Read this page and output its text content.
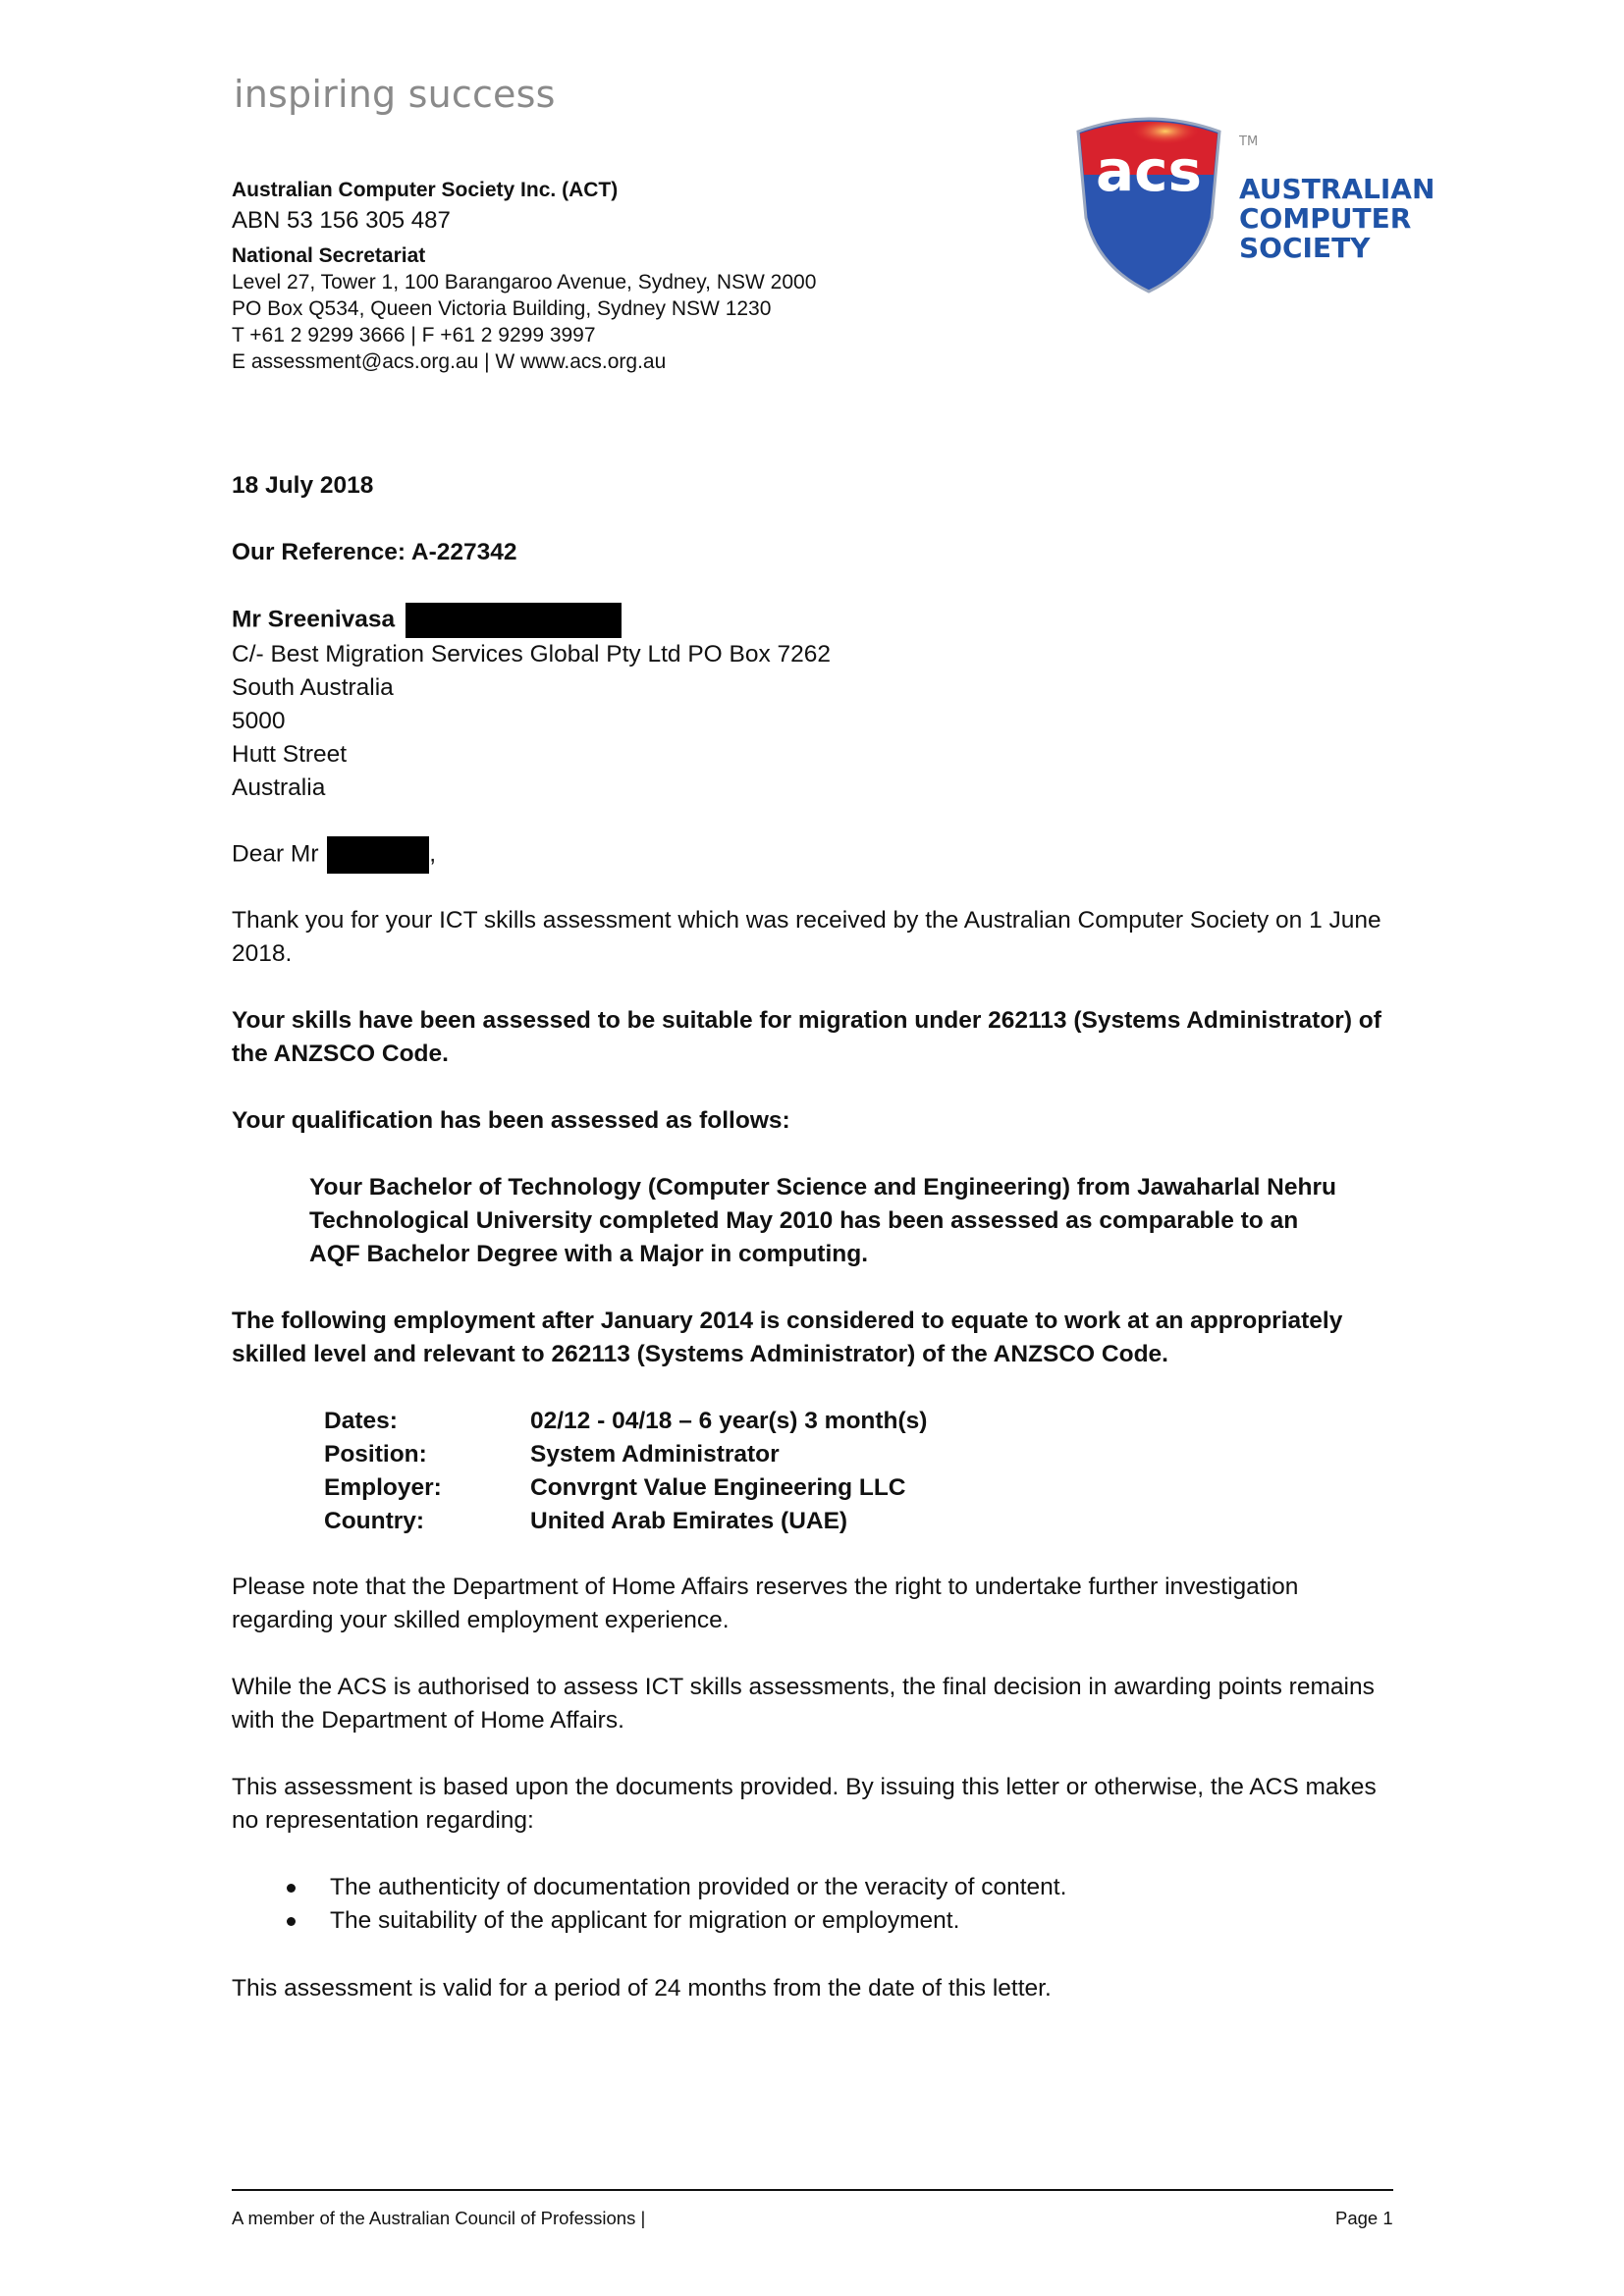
inspiring success
Australian Computer Society Inc. (ACT)
ABN 53 156 305 487
National Secretariat
Level 27, Tower 1, 100 Barangaroo Avenue, Sydney, NSW 2000
PO Box Q534, Queen Victoria Building, Sydney NSW 1230
T +61 2 9299 3666 | F +61 2 9299 3997
E assessment@acs.org.au | W www.acs.org.au
acs	TM
AUSTRALIAN
COMPUTER
SOCIETY
18 July 2018
Our Reference: A-227342
Mr Sreenivasa
C/- Best Migration Services Global Pty Ltd PO Box 7262
South Australia
5000
Hutt Street
Australia
Dear Mr	,
Thank you for your ICT skills assessment which was received by the Australian Computer Society on 1 June 2018.
Your skills have been assessed to be suitable for migration under 262113 (Systems Administrator) of the ANZSCO Code.
Your qualification has been assessed as follows:
Your Bachelor of Technology (Computer Science and Engineering) from Jawaharlal Nehru Technological University completed May 2010 has been assessed as comparable to an AQF Bachelor Degree with a Major in computing.
The following employment after January 2014 is considered to equate to work at an appropriately skilled level and relevant to 262113 (Systems Administrator) of the ANZSCO Code.
Dates:	02/12 - 04/18 – 6 year(s) 3 month(s)
Position:	System Administrator
Employer:	Convrgnt Value Engineering LLC
Country:	United Arab Emirates (UAE)
Please note that the Department of Home Affairs reserves the right to undertake further investigation regarding your skilled employment experience.
While the ACS is authorised to assess ICT skills assessments, the final decision in awarding points remains with the Department of Home Affairs.
This assessment is based upon the documents provided. By issuing this letter or otherwise, the ACS makes no representation regarding:
The authenticity of documentation provided or the veracity of content.
The suitability of the applicant for migration or employment.
This assessment is valid for a period of 24 months from the date of this letter.
A member of the Australian Council of Professions |	Page 1
